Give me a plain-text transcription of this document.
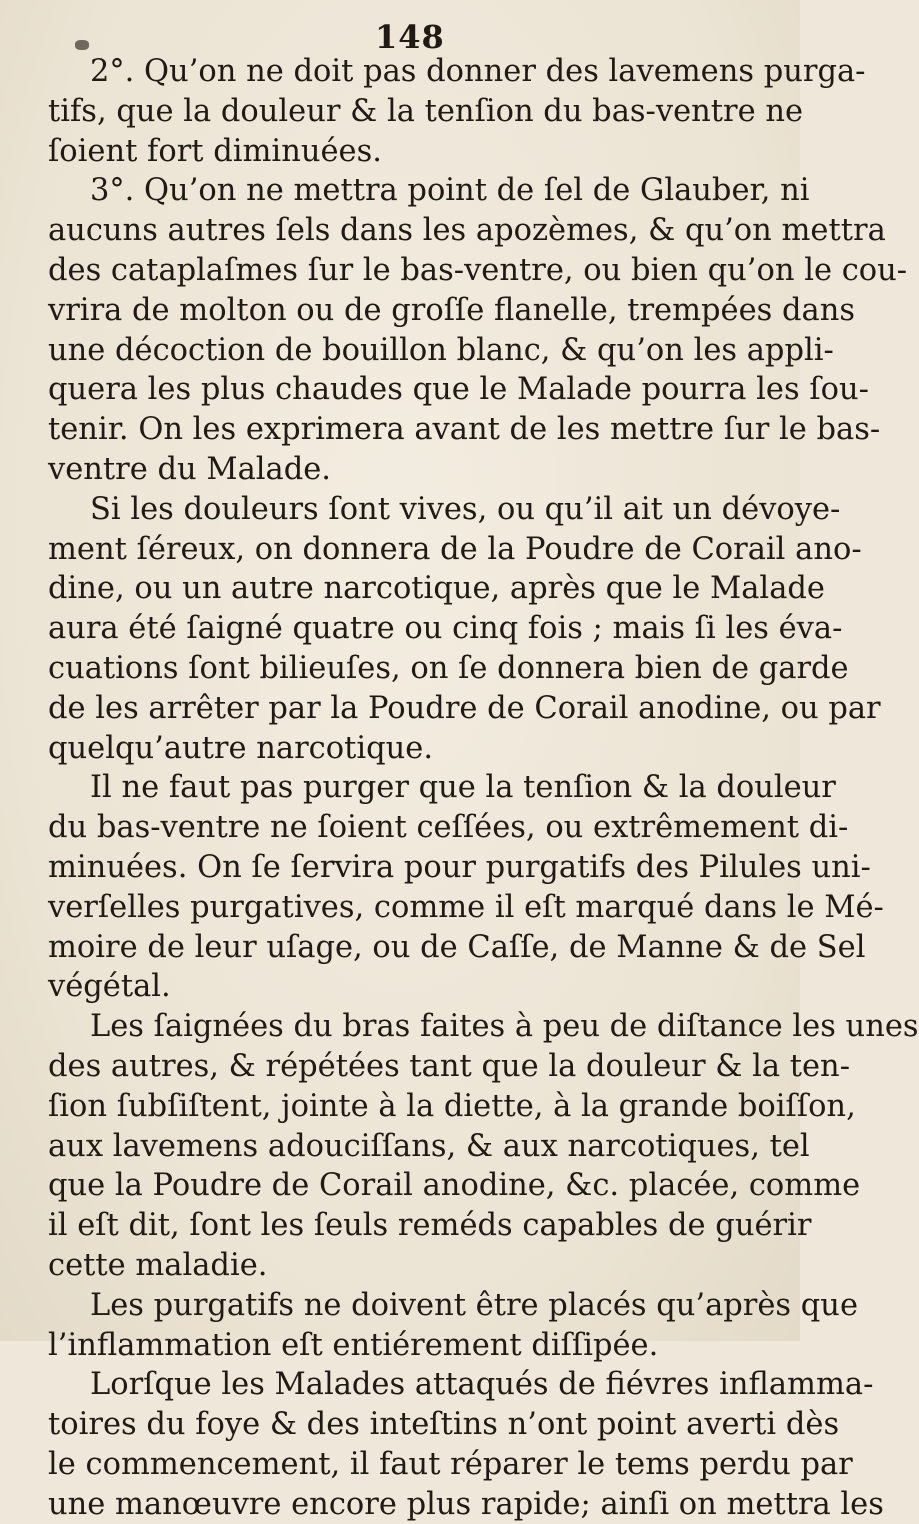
148
2°. Qu’on ne doit pas donner des lavemens purga-
tifs, que la douleur & la tenſion du bas-ventre ne
ſoient fort diminuées.
3°. Qu’on ne mettra point de ſel de Glauber, ni
aucuns autres ſels dans les apozèmes, & qu’on mettra
des cataplaſmes ſur le bas-ventre, ou bien qu’on le cou-
vrira de molton ou de groſſe flanelle, trempées dans
une décoction de bouillon blanc, & qu’on les appli-
quera les plus chaudes que le Malade pourra les ſou-
tenir. On les exprimera avant de les mettre ſur le bas-
ventre du Malade.
Si les douleurs ſont vives, ou qu’il ait un dévoye-
ment ſéreux, on donnera de la Poudre de Corail ano-
dine, ou un autre narcotique, après que le Malade
aura été ſaigné quatre ou cinq fois ; mais ſi les éva-
cuations ſont bilieuſes, on ſe donnera bien de garde
de les arrêter par la Poudre de Corail anodine, ou par
quelqu’autre narcotique.
Il ne faut pas purger que la tenſion & la douleur
du bas-ventre ne ſoient ceſſées, ou extrêmement di-
minuées. On ſe ſervira pour purgatifs des Pilules uni-
verſelles purgatives, comme il eſt marqué dans le Mé-
moire de leur uſage, ou de Caſſe, de Manne & de Sel
végétal.
Les ſaignées du bras faites à peu de diſtance les unes
des autres, & répétées tant que la douleur & la ten-
ſion ſubſiſtent, jointe à la diette, à la grande boiſſon,
aux lavemens adouciſſans, & aux narcotiques, tel
que la Poudre de Corail anodine, &c. placée, comme
il eſt dit, ſont les ſeuls reméds capables de guérir
cette maladie.
Les purgatifs ne doivent être placés qu’après que
l’inflammation eſt entiérement diſſipée.
Lorſque les Malades attaqués de fiévres inflamma-
toires du foye & des inteſtins n’ont point averti dès
le commencement, il faut réparer le tems perdu par
une manœuvre encore plus rapide; ainſi on mettra les
